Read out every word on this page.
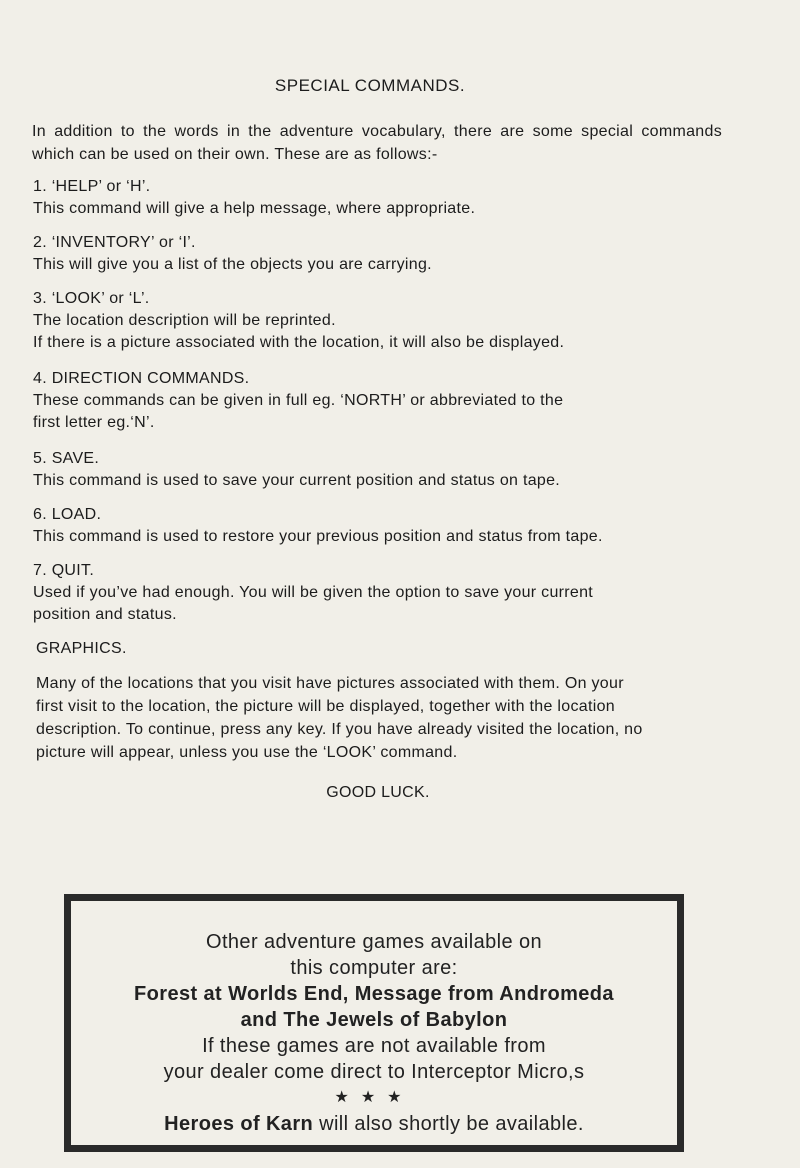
SPECIAL COMMANDS.
In addition to the words in the adventure vocabulary, there are some special commands which can be used on their own. These are as follows:-

1. ‘HELP’ or ‘H’.

This command will give a help message, where appropriate.

2. ‘INVENTORY’ or ‘I’.

This will give you a list of the objects you are carrying.

3. ‘LOOK’ or ‘L’.

The location description will be reprinted.

If there is a picture associated with the location, it will also be displayed.

4. DIRECTION COMMANDS.

These commands can be given in full eg. ‘NORTH’ or abbreviated to the

first letter eg.‘N’.

5. SAVE.

This command is used to save your current position and status on tape.

6. LOAD.

This command is used to restore your previous position and status from tape.

7. QUIT.

Used if you’ve had enough. You will be given the option to save your current

position and status.

GRAPHICS.

Many of the locations that you visit have pictures associated with them. On your

first visit to the location, the picture will be displayed, together with the location

description. To continue, press any key. If you have already visited the location, no

picture will appear, unless you use the ‘LOOK’ command.

GOOD LUCK.

Other adventure games available on

this computer are:

Forest at Worlds End, Message from Andromeda

and The Jewels of Babylon

If these games are not available from

your dealer come direct to Interceptor Micro,s

★★★

Heroes of Karn will also shortly be available.
